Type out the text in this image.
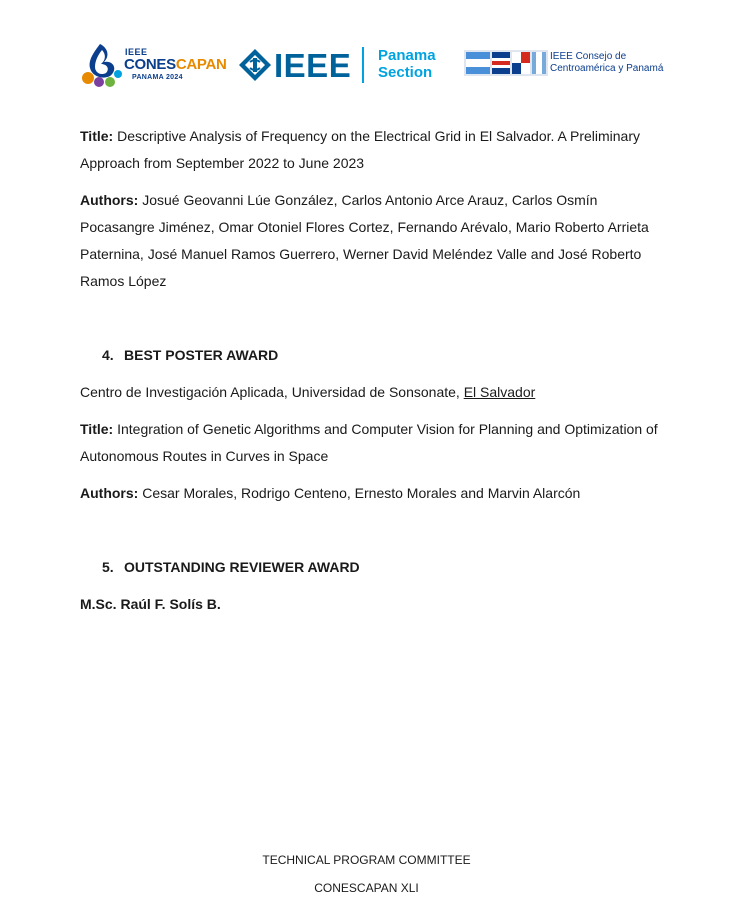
IEEE
CONESCAPAN
PANAMA 2024	IEEE Panama
Section
IEEE Consejo de
Centroamérica y Panamá

Title: Descriptive Analysis of Frequency on the Electrical Grid in El Salvador. A Preliminary Approach from September 2022 to June 2023

Authors: Josué Geovanni Lúe González, Carlos Antonio Arce Arauz, Carlos Osmín Pocasangre Jiménez, Omar Otoniel Flores Cortez, Fernando Arévalo, Mario Roberto Arrieta Paternina, José Manuel Ramos Guerrero, Werner David Meléndez Valle and José Roberto Ramos López

4. BEST POSTER AWARD

Centro de Investigación Aplicada, Universidad de Sonsonate, El Salvador

Title: Integration of Genetic Algorithms and Computer Vision for Planning and Optimization of Autonomous Routes in Curves in Space

Authors: Cesar Morales, Rodrigo Centeno, Ernesto Morales and Marvin Alarcón

5. OUTSTANDING REVIEWER AWARD

M.Sc. Raúl F. Solís B.

TECHNICAL PROGRAM COMMITTEE
CONESCAPAN XLI
